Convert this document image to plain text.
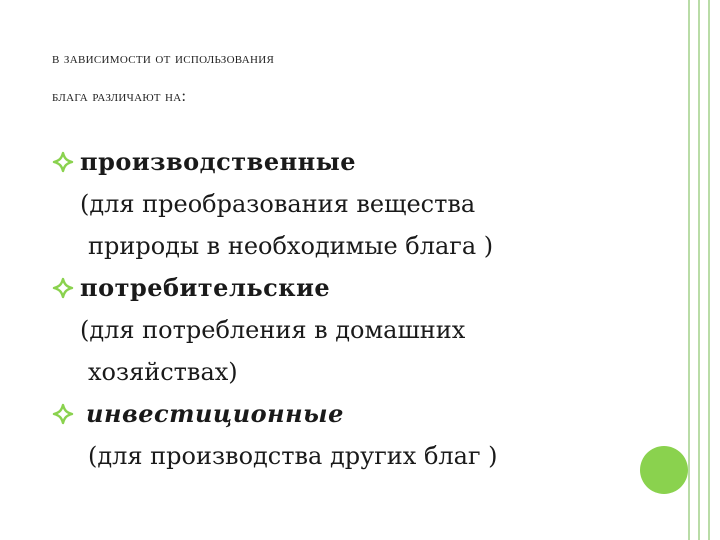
в зависимости от использования
блага различают на:
производственные
(для преобразования вещества
природы в необходимые блага )
потребительские
(для потребления в домашних
хозяйствах)
инвестиционные
(для производства других благ )
